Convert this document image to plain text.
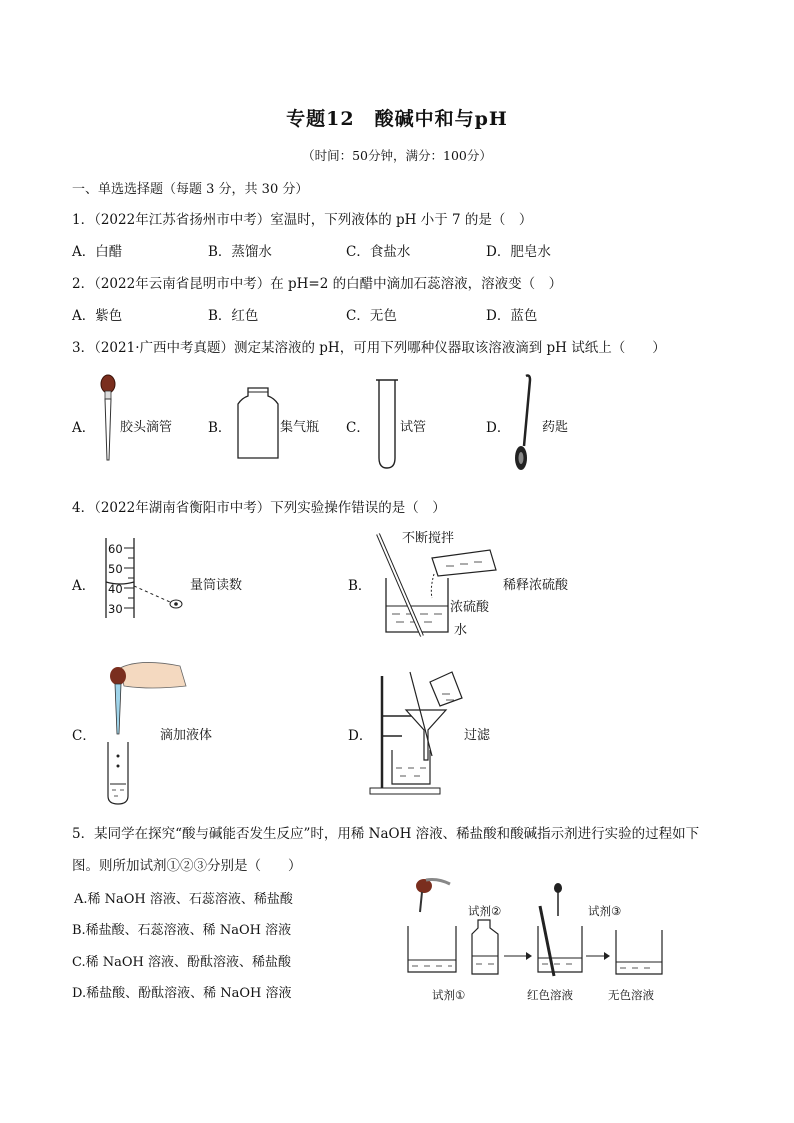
专题12　酸碱中和与pH
（时间：50分钟，满分：100分）
一、单选选择题（每题 3 分，共 30 分）
1．（2022年江苏省扬州市中考）室温时，下列液体的 pH 小于 7 的是（　）
A．白醋	B．蒸馏水	C．食盐水	D．肥皂水
2．（2022年云南省昆明市中考）在 pH=2 的白醋中滴加石蕊溶液，溶液变（　）
A．紫色	B．红色	C．无色	D．蓝色
3．（2021·广西中考真题）测定某溶液的 pH，可用下列哪种仪器取该溶液滴到 pH 试纸上（　　）
A． 胶头滴管	B．	集气瓶 C． 试管	D． 药匙
4．（2022年湖南省衡阳市中考）下列实验操作错误的是（　）
A．	量筒读数	B．	稀释浓硫酸
C．	滴加液体	D．	过滤
60
50
40
30
不断搅拌
浓硫酸
水
5．某同学在探究“酸与碱能否发生反应”时，用稀 NaOH 溶液、稀盐酸和酸碱指示剂进行实验的过程如下
图。则所加试剂①②③分别是（　　）
A.稀 NaOH 溶液、石蕊溶液、稀盐酸
B.稀盐酸、石蕊溶液、稀 NaOH 溶液
C.稀 NaOH 溶液、酚酞溶液、稀盐酸
D.稀盐酸、酚酞溶液、稀 NaOH 溶液
试剂②	试剂③
试剂①	红色溶液	无色溶液
